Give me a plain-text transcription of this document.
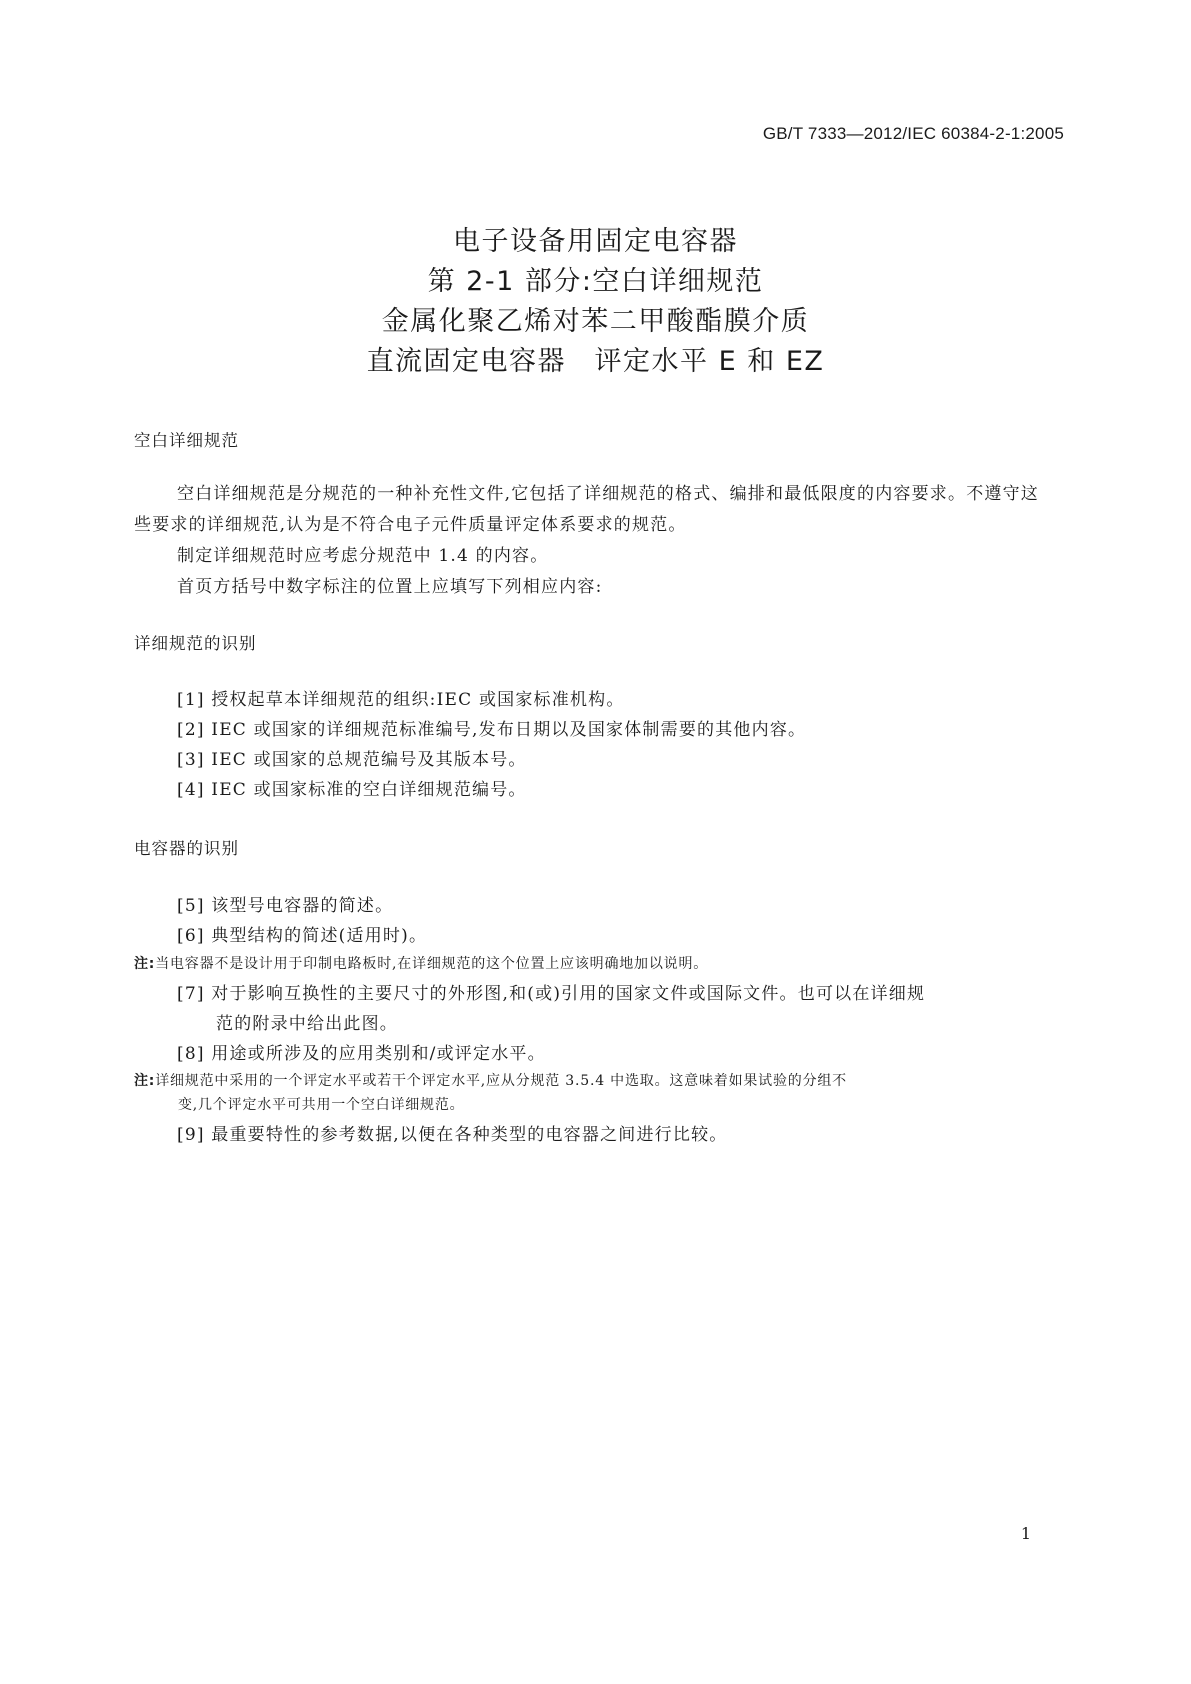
GB/T 7333—2012/IEC 60384-2-1:2005
电子设备用固定电容器
第 2-1 部分:空白详细规范
金属化聚乙烯对苯二甲酸酯膜介质
直流固定电容器　评定水平 E 和 EZ
空白详细规范
空白详细规范是分规范的一种补充性文件,它包括了详细规范的格式、编排和最低限度的内容要求。不遵守这些要求的详细规范,认为是不符合电子元件质量评定体系要求的规范。
制定详细规范时应考虑分规范中 1.4 的内容。
首页方括号中数字标注的位置上应填写下列相应内容:
详细规范的识别
[1] 授权起草本详细规范的组织:IEC 或国家标准机构。
[2] IEC 或国家的详细规范标准编号,发布日期以及国家体制需要的其他内容。
[3] IEC 或国家的总规范编号及其版本号。
[4] IEC 或国家标准的空白详细规范编号。
电容器的识别
[5] 该型号电容器的简述。
[6] 典型结构的简述(适用时)。
注:当电容器不是设计用于印制电路板时,在详细规范的这个位置上应该明确地加以说明。
[7] 对于影响互换性的主要尺寸的外形图,和(或)引用的国家文件或国际文件。也可以在详细规
范的附录中给出此图。
[8] 用途或所涉及的应用类别和/或评定水平。
注:详细规范中采用的一个评定水平或若干个评定水平,应从分规范 3.5.4 中选取。这意味着如果试验的分组不
变,几个评定水平可共用一个空白详细规范。
[9] 最重要特性的参考数据,以便在各种类型的电容器之间进行比较。
1
